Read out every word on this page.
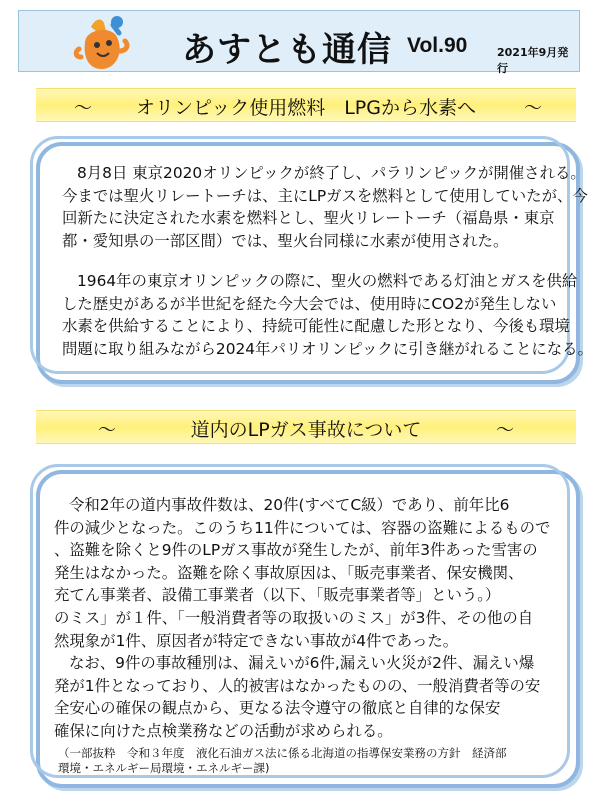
あすとも通信 Vol.90	2021年9月発行
～	オリンピック使用燃料　LPGから水素へ	～
8月8日 東京2020オリンピックが終了し、パラリンピックが開催される。
今までは聖火リレートーチは、主にLPガスを燃料として使用していたが、今
回新たに決定された水素を燃料とし、聖火リレートーチ（福島県・東京
都・愛知県の一部区間）では、聖火台同様に水素が使用された。
1964年の東京オリンピックの際に、聖火の燃料である灯油とガスを供給
した歴史があるが半世紀を経た今大会では、使用時にCO2が発生しない
水素を供給することにより、持続可能性に配慮した形となり、今後も環境
問題に取り組みながら2024年パリオリンピックに引き継がれることになる。
～	道内のLPガス事故について	～
令和2年の道内事故件数は、20件(すべてC級）であり、前年比6
件の減少となった。このうち11件については、容器の盗難によるもので
、盗難を除くと9件のLPガス事故が発生したが、前年3件あった雪害の
発生はなかった。盗難を除く事故原因は、「販売事業者、保安機関、
充てん事業者、設備工事業者（以下、「販売事業者等」という。）
のミス」が１件、「一般消費者等の取扱いのミス」が3件、その他の自
然現象が1件、原因者が特定できない事故が4件であった。
なお、9件の事故種別は、漏えいが6件,漏えい火災が2件、漏えい爆
発が1件となっており、人的被害はなかったものの、一般消費者等の安
全安心の確保の観点から、更なる法令遵守の徹底と自律的な保安
確保に向けた点検業務などの活動が求められる。
（一部抜粋　令和３年度　液化石油ガス法に係る北海道の指導保安業務の方針　経済部
環境・エネルギー局環境・エネルギー課)
